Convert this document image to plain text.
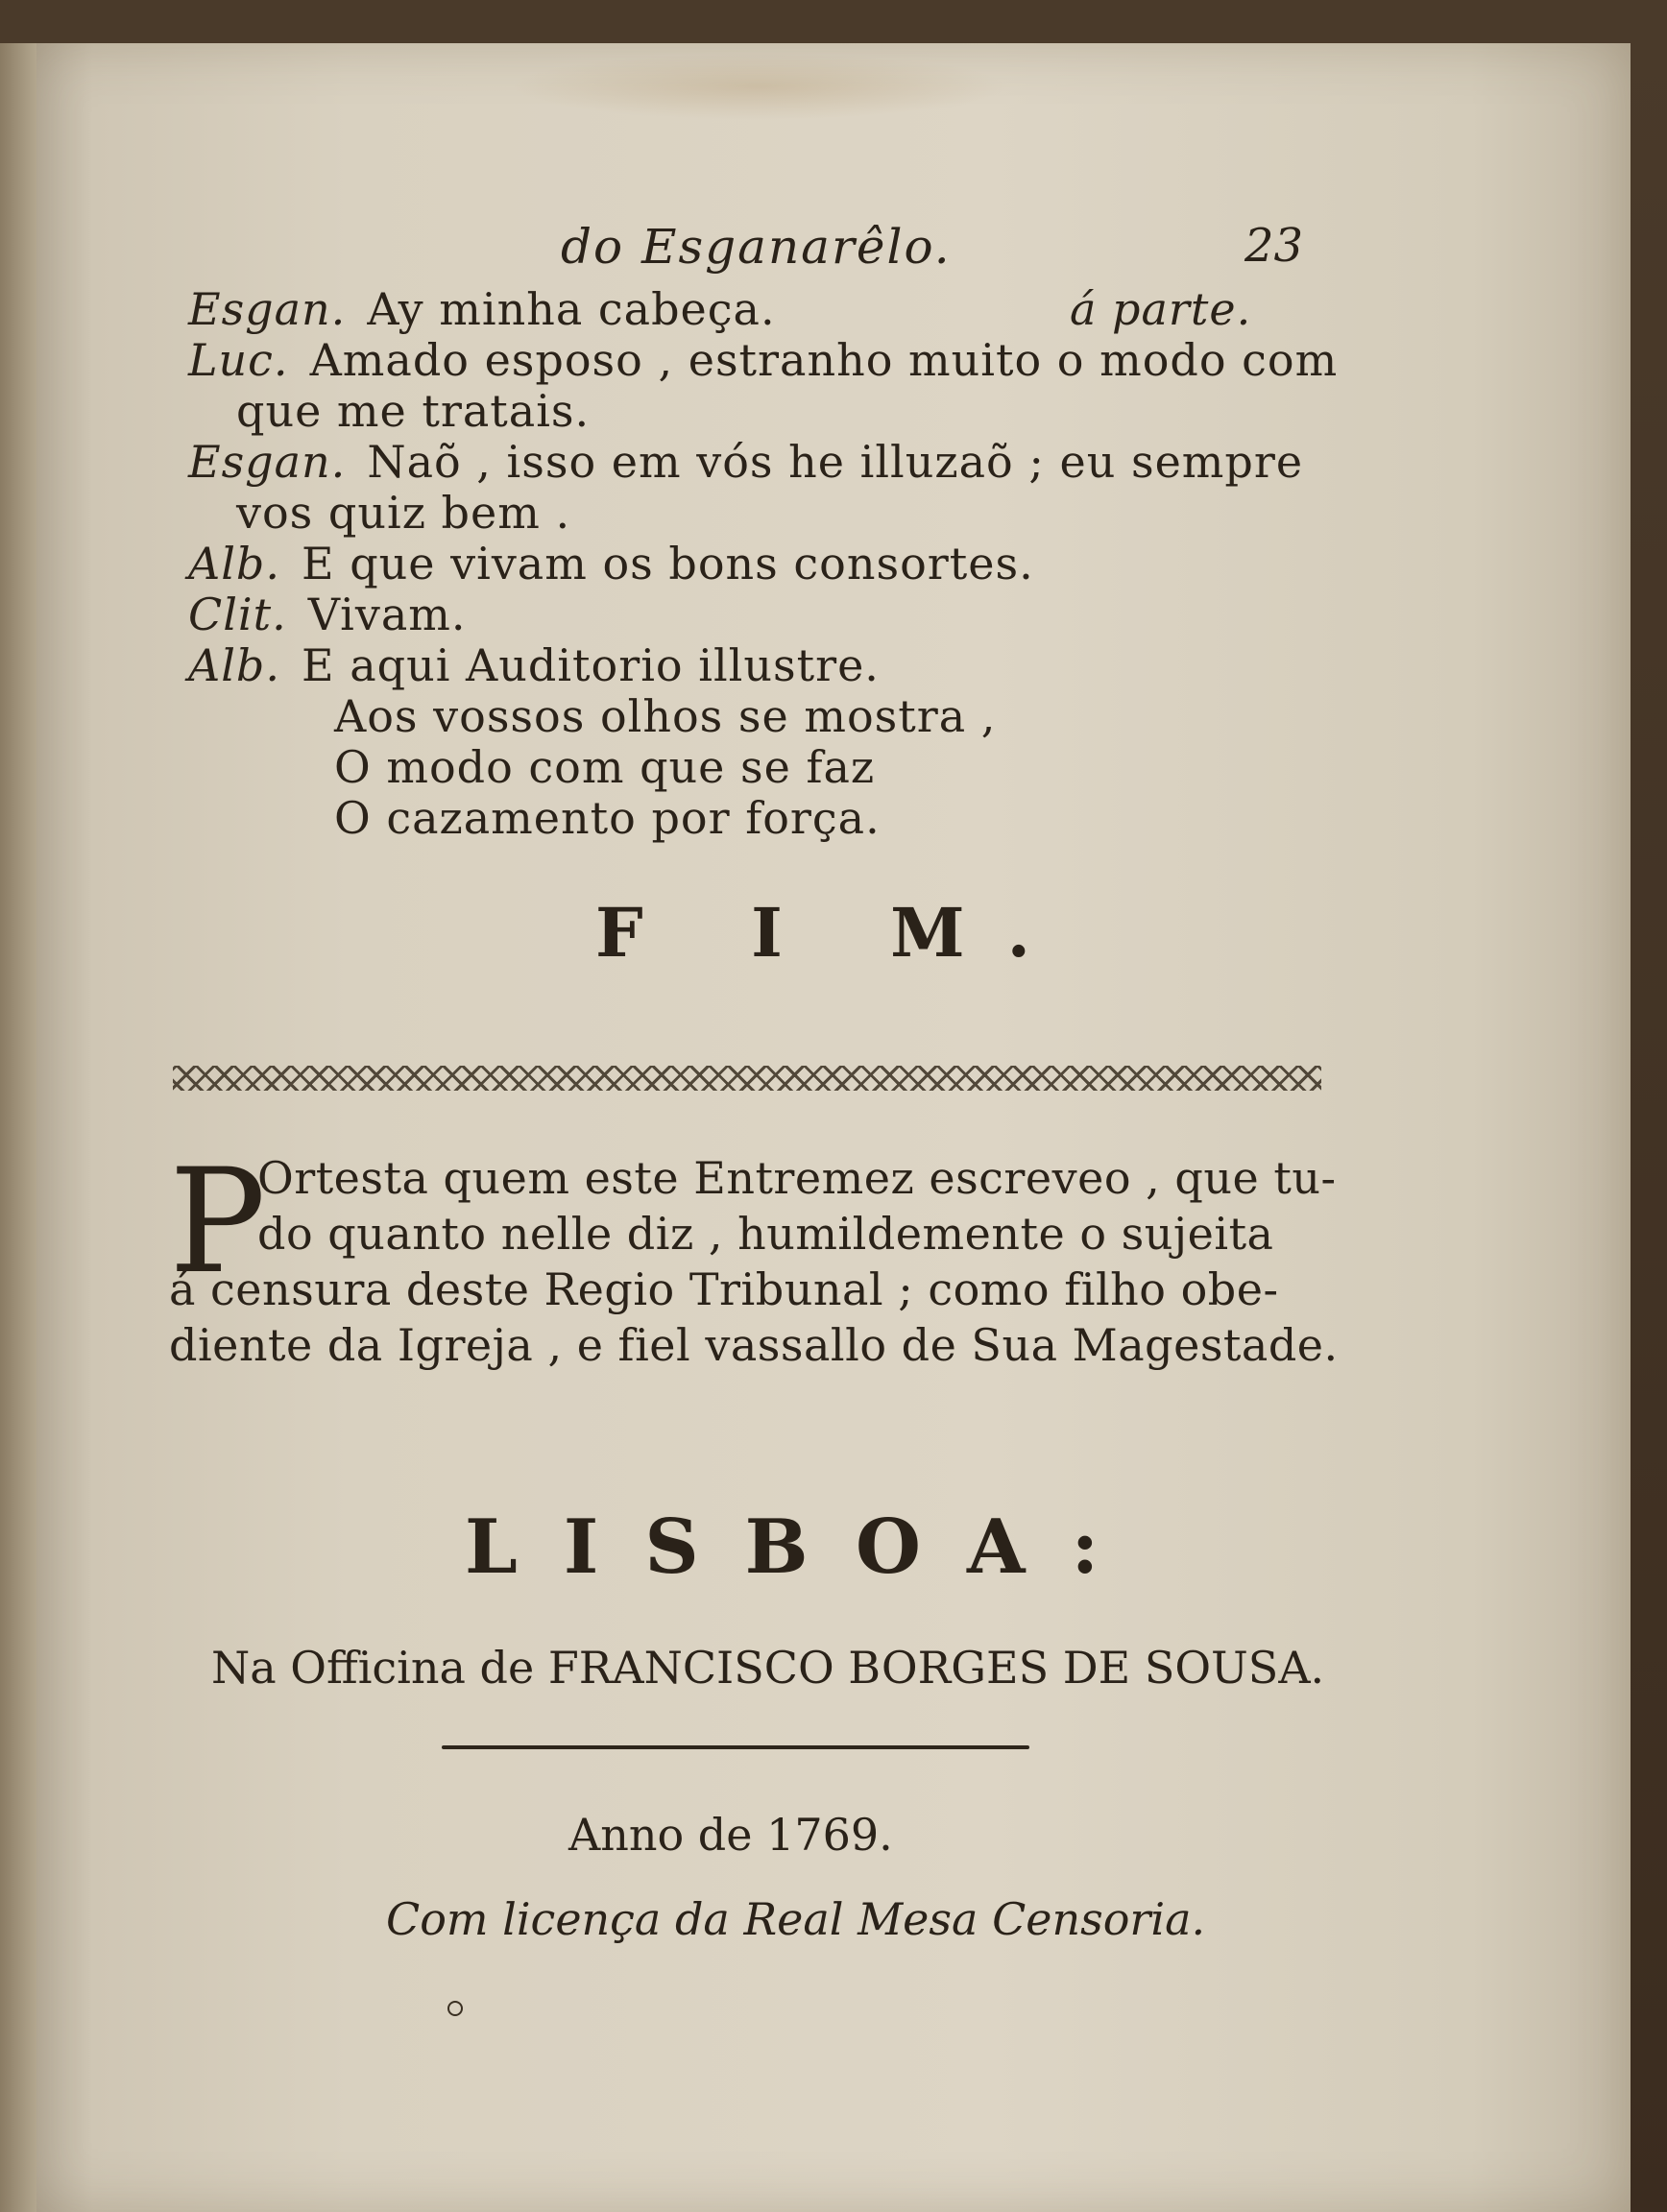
do Esganarêlo.	23
Esgan. Ay minha cabeça.	á parte.
Luc. Amado esposo , estranho muito o modo com
que me tratais.
Esgan. Naõ , isso em vós he illuzaõ ; eu sempre
vos quiz bem .
Alb. E que vivam os bons consortes.
Clit. Vivam.
Alb. E aqui Auditorio illustre.
Aos vossos olhos se mostra ,
O modo com que se faz
O cazamento por força.
F I M.
P
Ortesta quem este Entremez escreveo , que tu-
do quanto nelle diz , humildemente o sujeita
á censura deste Regio Tribunal ; como filho obe-
diente da Igreja , e fiel vassallo de Sua Magestade.
LISBOA:
Na Officina de FRANCISCO BORGES DE SOUSA.
Anno de 1769.
Com licença da Real Mesa Censoria.
